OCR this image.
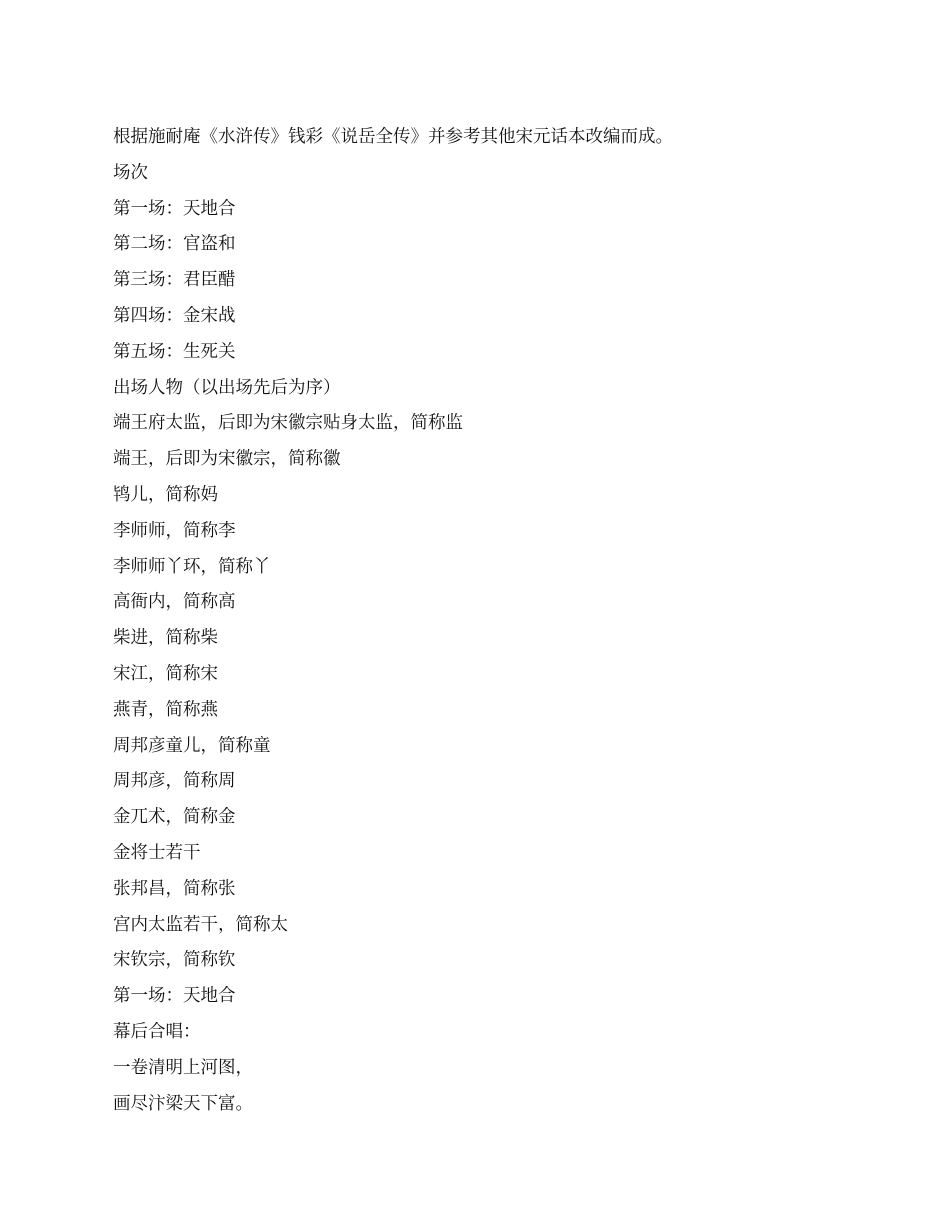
根据施耐庵《水浒传》钱彩《说岳全传》并参考其他宋元话本改编而成。

场次

第一场：天地合

第二场：官盗和

第三场：君臣醋

第四场：金宋战

第五场：生死关

出场人物（以出场先后为序）

端王府太监，后即为宋徽宗贴身太监，简称监

端王，后即为宋徽宗，简称徽

鸨儿，简称妈

李师师，简称李

李师师丫环，简称丫

高衙内，简称高

柴进，简称柴

宋江，简称宋

燕青，简称燕

周邦彦童儿，简称童

周邦彦，简称周

金兀术，简称金

金将士若干

张邦昌，简称张

宫内太监若干，简称太

宋钦宗，简称钦

第一场：天地合

幕后合唱：

一卷清明上河图，

画尽汴梁天下富。
